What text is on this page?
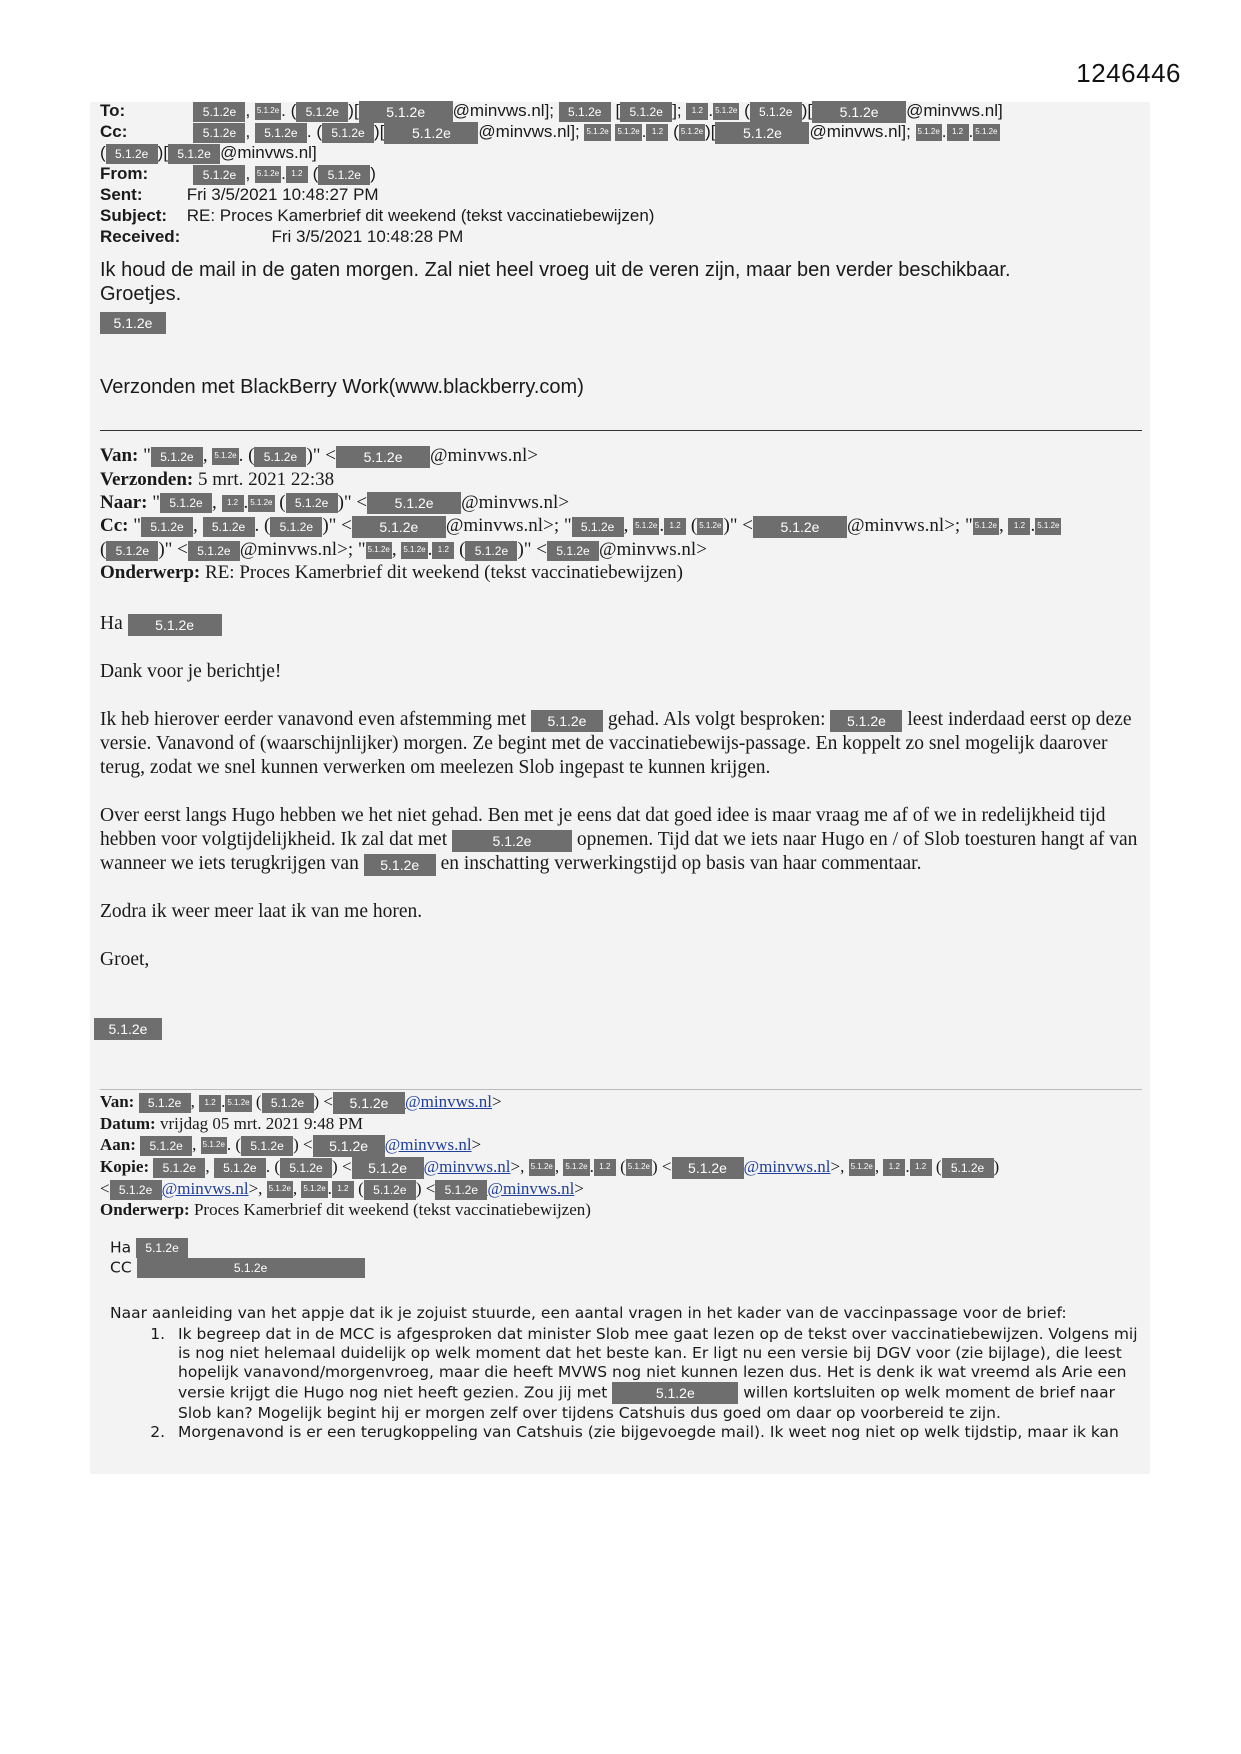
1246446
To:	5.1.2e , 5.1.2e . ( 5.1.2e )[ 5.1.2e @minvws.nl]; 5.1.2e [ 5.1.2e ]; 1.2 . 5.1.2e ( 5.1.2e )[ 5.1.2e @minvws.nl]
Cc:	5.1.2e , 5.1.2e . ( 5.1.2e )[ 5.1.2e @minvws.nl]; 5.1.2e 5.1.2e . 1.2 ( 5.1.2e )[ 5.1.2e @minvws.nl]; 5.1.2e . 1.2 . 5.1.2e
( 5.1.2e )[ 5.1.2e @minvws.nl]
From:	5.1.2e , 5.1.2e . 1.2 ( 5.1.2e )
Sent:	Fri 3/5/2021 10:48:27 PM
Subject: RE: Proces Kamerbrief dit weekend (tekst vaccinatiebewijzen)
Received:	Fri 3/5/2021 10:48:28 PM
Ik houd de mail in de gaten morgen. Zal niet heel vroeg uit de veren zijn, maar ben verder beschikbaar.
Groetjes.
5.1.2e
Verzonden met BlackBerry Work(www.blackberry.com)
Van: " 5.1.2e , 5.1.2e . ( 5.1.2e )" < 5.1.2e @minvws.nl>
Verzonden: 5 mrt. 2021 22:38
Naar: " 5.1.2e , 1.2 . 5.1.2e ( 5.1.2e )" < 5.1.2e @minvws.nl>
Cc: " 5.1.2e , 5.1.2e . ( 5.1.2e )" < 5.1.2e @minvws.nl>; " 5.1.2e , 5.1.2e . 1.2 ( 5.1.2e )" < 5.1.2e @minvws.nl>; " 5.1.2e , 1.2 . 5.1.2e
( 5.1.2e )" < 5.1.2e @minvws.nl>; " 5.1.2e , 5.1.2e . 1.2 ( 5.1.2e )" < 5.1.2e @minvws.nl>
Onderwerp: RE: Proces Kamerbrief dit weekend (tekst vaccinatiebewijzen)

Ha 5.1.2e

Dank voor je berichtje!

Ik heb hierover eerder vanavond even afstemming met 5.1.2e gehad. Als volgt besproken: 5.1.2e leest inderdaad eerst op deze versie. Vanavond of (waarschijnlijker) morgen. Ze begint met de vaccinatiebewijs-passage. En koppelt zo snel mogelijk daarover terug, zodat we snel kunnen verwerken om meelezen Slob ingepast te kunnen krijgen.

Over eerst langs Hugo hebben we het niet gehad. Ben met je eens dat dat goed idee is maar vraag me af of we in redelijkheid tijd hebben voor volgtijdelijkheid. Ik zal dat met	5.1.2e opnemen. Tijd dat we iets naar Hugo en / of Slob toesturen hangt af van wanneer we iets terugkrijgen van 5.1.2e en inschatting verwerkingstijd op basis van haar commentaar.

Zodra ik weer meer laat ik van me horen.

Groet,

5.1.2e
Van: 5.1.2e , 1.2 . 5.1.2e ( 5.1.2e ) < 5.1.2e @minvws.nl>
Datum: vrijdag 05 mrt. 2021 9:48 PM
Aan: 5.1.2e , 5.1.2e . ( 5.1.2e ) < 5.1.2e @minvws.nl>
Kopie: 5.1.2e , 5.1.2e . ( 5.1.2e ) < 5.1.2e @minvws.nl>, 5.1.2e , 5.1.2e . 1.2 ( 5.1.2e ) < 5.1.2e @minvws.nl>, 5.1.2e , 1.2 . 1.2 ( 5.1.2e )
< 5.1.2e @minvws.nl>, 5.1.2e , 5.1.2e . 1.2 ( 5.1.2e ) < 5.1.2e @minvws.nl>
Onderwerp: Proces Kamerbrief dit weekend (tekst vaccinatiebewijzen)
Ha 5.1.2e
CC	5.1.2e
Naar aanleiding van het appje dat ik je zojuist stuurde, een aantal vragen in het kader van de vaccinpassage voor de brief:
1. Ik begreep dat in de MCC is afgesproken dat minister Slob mee gaat lezen op de tekst over vaccinatiebewijzen. Volgens mij is nog niet helemaal duidelijk op welk moment dat het beste kan. Er ligt nu een versie bij DGV voor (zie bijlage), die leest hopelijk vanavond/morgenvroeg, maar die heeft MVWS nog niet kunnen lezen dus. Het is denk ik wat vreemd als Arie een versie krijgt die Hugo nog niet heeft gezien. Zou jij met	5.1.2e	willen kortsluiten op welk moment de brief naar Slob kan? Mogelijk begint hij er morgen zelf over tijdens Catshuis dus goed om daar op voorbereid te zijn.
2. Morgenavond is er een terugkoppeling van Catshuis (zie bijgevoegde mail). Ik weet nog niet op welk tijdstip, maar ik kan
